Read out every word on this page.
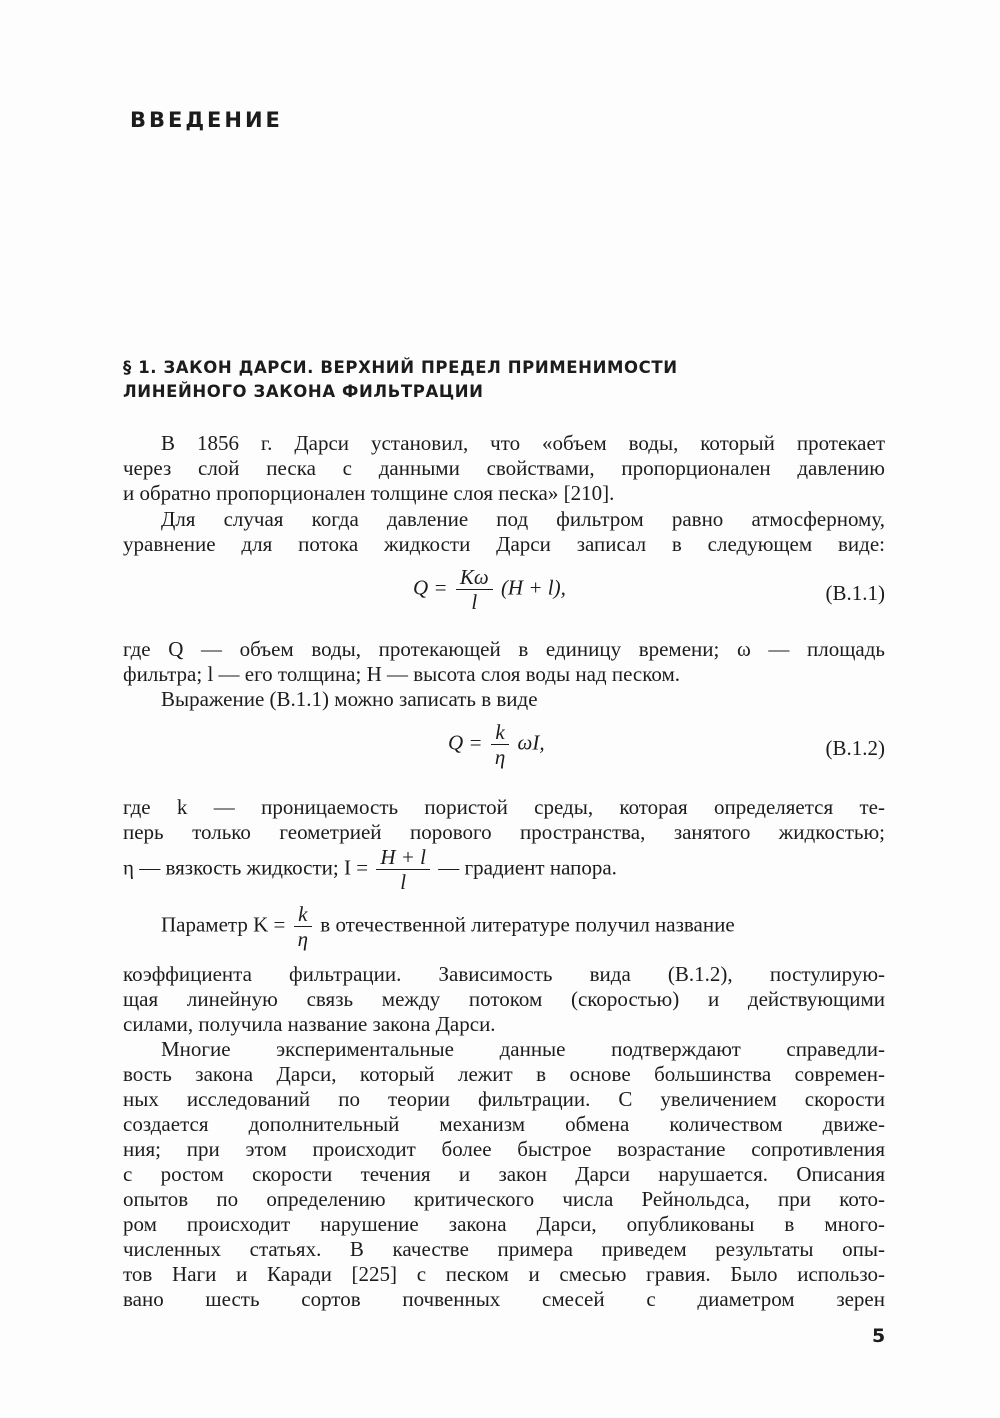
ВВЕДЕНИЕ
§ 1. ЗАКОН ДАРСИ. ВЕРХНИЙ ПРЕДЕЛ ПРИМЕНИМОСТИ
ЛИНЕЙНОГО ЗАКОНА ФИЛЬТРАЦИИ
В 1856 г. Дарси установил, что «объем воды, который протекает
через слой песка с данными свойствами, пропорционален давлению
и обратно пропорционален толщине слоя песка» [210].
Для случая когда давление под фильтром равно атмосферному,
уравнение для потока жидкости Дарси записал в следующем виде:
$Q = \frac{K\omega}{l} (H + l)$,	(В.1.1)
где Q — объем воды, протекающей в единицу времени; ω — площадь
фильтра; l — его толщина; H — высота слоя воды над песком.
Выражение (В.1.1) можно записать в виде
$Q = \frac{k}{\eta} \omega I$,	(В.1.2)
где k — проницаемость пористой среды, которая определяется те-
перь только геометрией порового пространства, занятого жидкостью;
η — вязкость жидкости; $I = \frac{H + l}{l}$ — градиент напора.
Параметр $K = \frac{k}{\eta}$ в отечественной литературе получил название
коэффициента фильтрации. Зависимость вида (В.1.2), постулирую-
щая линейную связь между потоком (скоростью) и действующими
силами, получила название закона Дарси.
Многие экспериментальные данные подтверждают справедли-
вость закона Дарси, который лежит в основе большинства современ-
ных исследований по теории фильтрации. С увеличением скорости
создается дополнительный механизм обмена количеством движе-
ния; при этом происходит более быстрое возрастание сопротивления
с ростом скорости течения и закон Дарси нарушается. Описания
опытов по определению критического числа Рейнольдса, при кото-
ром происходит нарушение закона Дарси, опубликованы в много-
численных статьях. В качестве примера приведем результаты опы-
тов Наги и Каради [225] с песком и смесью гравия. Было использо-
вано шесть сортов почвенных смесей с диаметром зерен
5
